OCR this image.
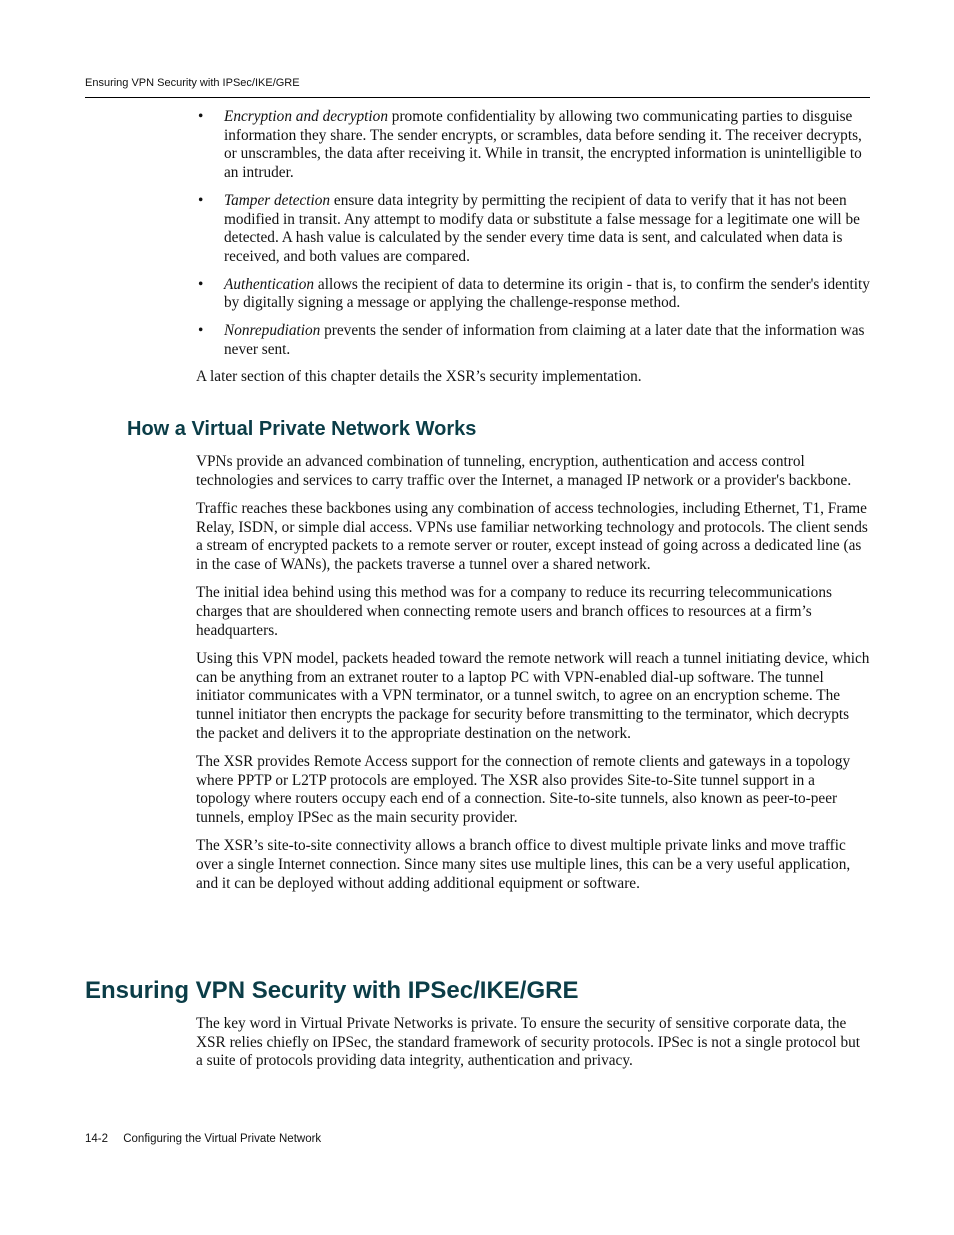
Ensuring VPN Security with IPSec/IKE/GRE
• Encryption and decryption promote confidentiality by allowing two communicating parties to disguise information they share. The sender encrypts, or scrambles, data before sending it. The receiver decrypts, or unscrambles, the data after receiving it. While in transit, the encrypted information is unintelligible to an intruder.
• Tamper detection ensure data integrity by permitting the recipient of data to verify that it has not been modified in transit. Any attempt to modify data or substitute a false message for a legitimate one will be detected. A hash value is calculated by the sender every time data is sent, and calculated when data is received, and both values are compared.
• Authentication allows the recipient of data to determine its origin - that is, to confirm the sender's identity by digitally signing a message or applying the challenge-response method.
• Nonrepudiation prevents the sender of information from claiming at a later date that the information was never sent.

A later section of this chapter details the XSR’s security implementation.

How a Virtual Private Network Works

VPNs provide an advanced combination of tunneling, encryption, authentication and access control technologies and services to carry traffic over the Internet, a managed IP network or a provider's backbone.

Traffic reaches these backbones using any combination of access technologies, including Ethernet, T1, Frame Relay, ISDN, or simple dial access. VPNs use familiar networking technology and protocols. The client sends a stream of encrypted packets to a remote server or router, except instead of going across a dedicated line (as in the case of WANs), the packets traverse a tunnel over a shared network.

The initial idea behind using this method was for a company to reduce its recurring telecommunications charges that are shouldered when connecting remote users and branch offices to resources at a firm’s headquarters.

Using this VPN model, packets headed toward the remote network will reach a tunnel initiating device, which can be anything from an extranet router to a laptop PC with VPN-enabled dial-up software. The tunnel initiator communicates with a VPN terminator, or a tunnel switch, to agree on an encryption scheme. The tunnel initiator then encrypts the package for security before transmitting to the terminator, which decrypts the packet and delivers it to the appropriate destination on the network.

The XSR provides Remote Access support for the connection of remote clients and gateways in a topology where PPTP or L2TP protocols are employed. The XSR also provides Site-to-Site tunnel support in a topology where routers occupy each end of a connection. Site-to-site tunnels, also known as peer-to-peer tunnels, employ IPSec as the main security provider.

The XSR’s site-to-site connectivity allows a branch office to divest multiple private links and move traffic over a single Internet connection. Since many sites use multiple lines, this can be a very useful application, and it can be deployed without adding additional equipment or software.

Ensuring VPN Security with IPSec/IKE/GRE

The key word in Virtual Private Networks is private. To ensure the security of sensitive corporate data, the XSR relies chiefly on IPSec, the standard framework of security protocols. IPSec is not a single protocol but a suite of protocols providing data integrity, authentication and privacy.

14-2 Configuring the Virtual Private Network
